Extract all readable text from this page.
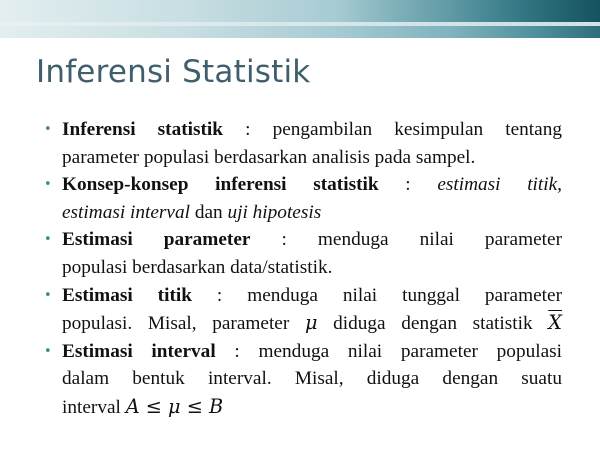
Inferensi Statistik
• Inferensi statistik : pengambilan kesimpulan tentang
parameter populasi berdasarkan analisis pada sampel.
• Konsep-konsep inferensi statistik : estimasi titik,
estimasi interval dan uji hipotesis
• Estimasi parameter : menduga nilai parameter
populasi berdasarkan data/statistik.
• Estimasi titik : menduga nilai tunggal parameter
populasi. Misal, parameter μ diduga dengan statistik $\overline{X}$
• Estimasi interval : menduga nilai parameter populasi
dalam bentuk interval. Misal, diduga dengan suatu
interval A ≤ μ ≤ B
